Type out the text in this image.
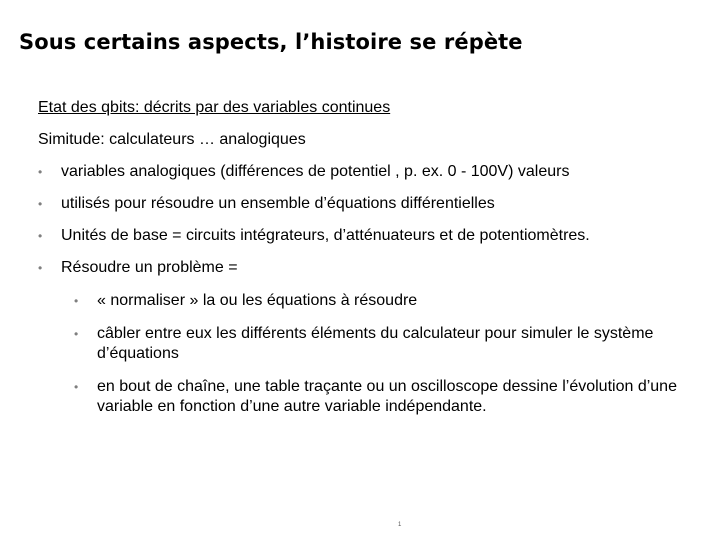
Sous certains aspects, l’histoire se répète

Etat des qbits: décrits par des variables continues

Simitude: calculateurs … analogiques

•	variables analogiques (différences de potentiel , p. ex. 0 - 100V) valeurs
•	utilisés pour résoudre un ensemble d’équations différentielles
•	Unités de base = circuits intégrateurs, d’atténuateurs et de potentiomètres.
•	Résoudre un problème =
• « normaliser » la ou les équations à résoudre
• câbler entre eux les différents éléments du calculateur pour simuler le système d’équations
• en bout de chaîne, une table traçante ou un oscilloscope dessine l’évolution d’une variable en fonction d’une autre variable indépendante.
1
